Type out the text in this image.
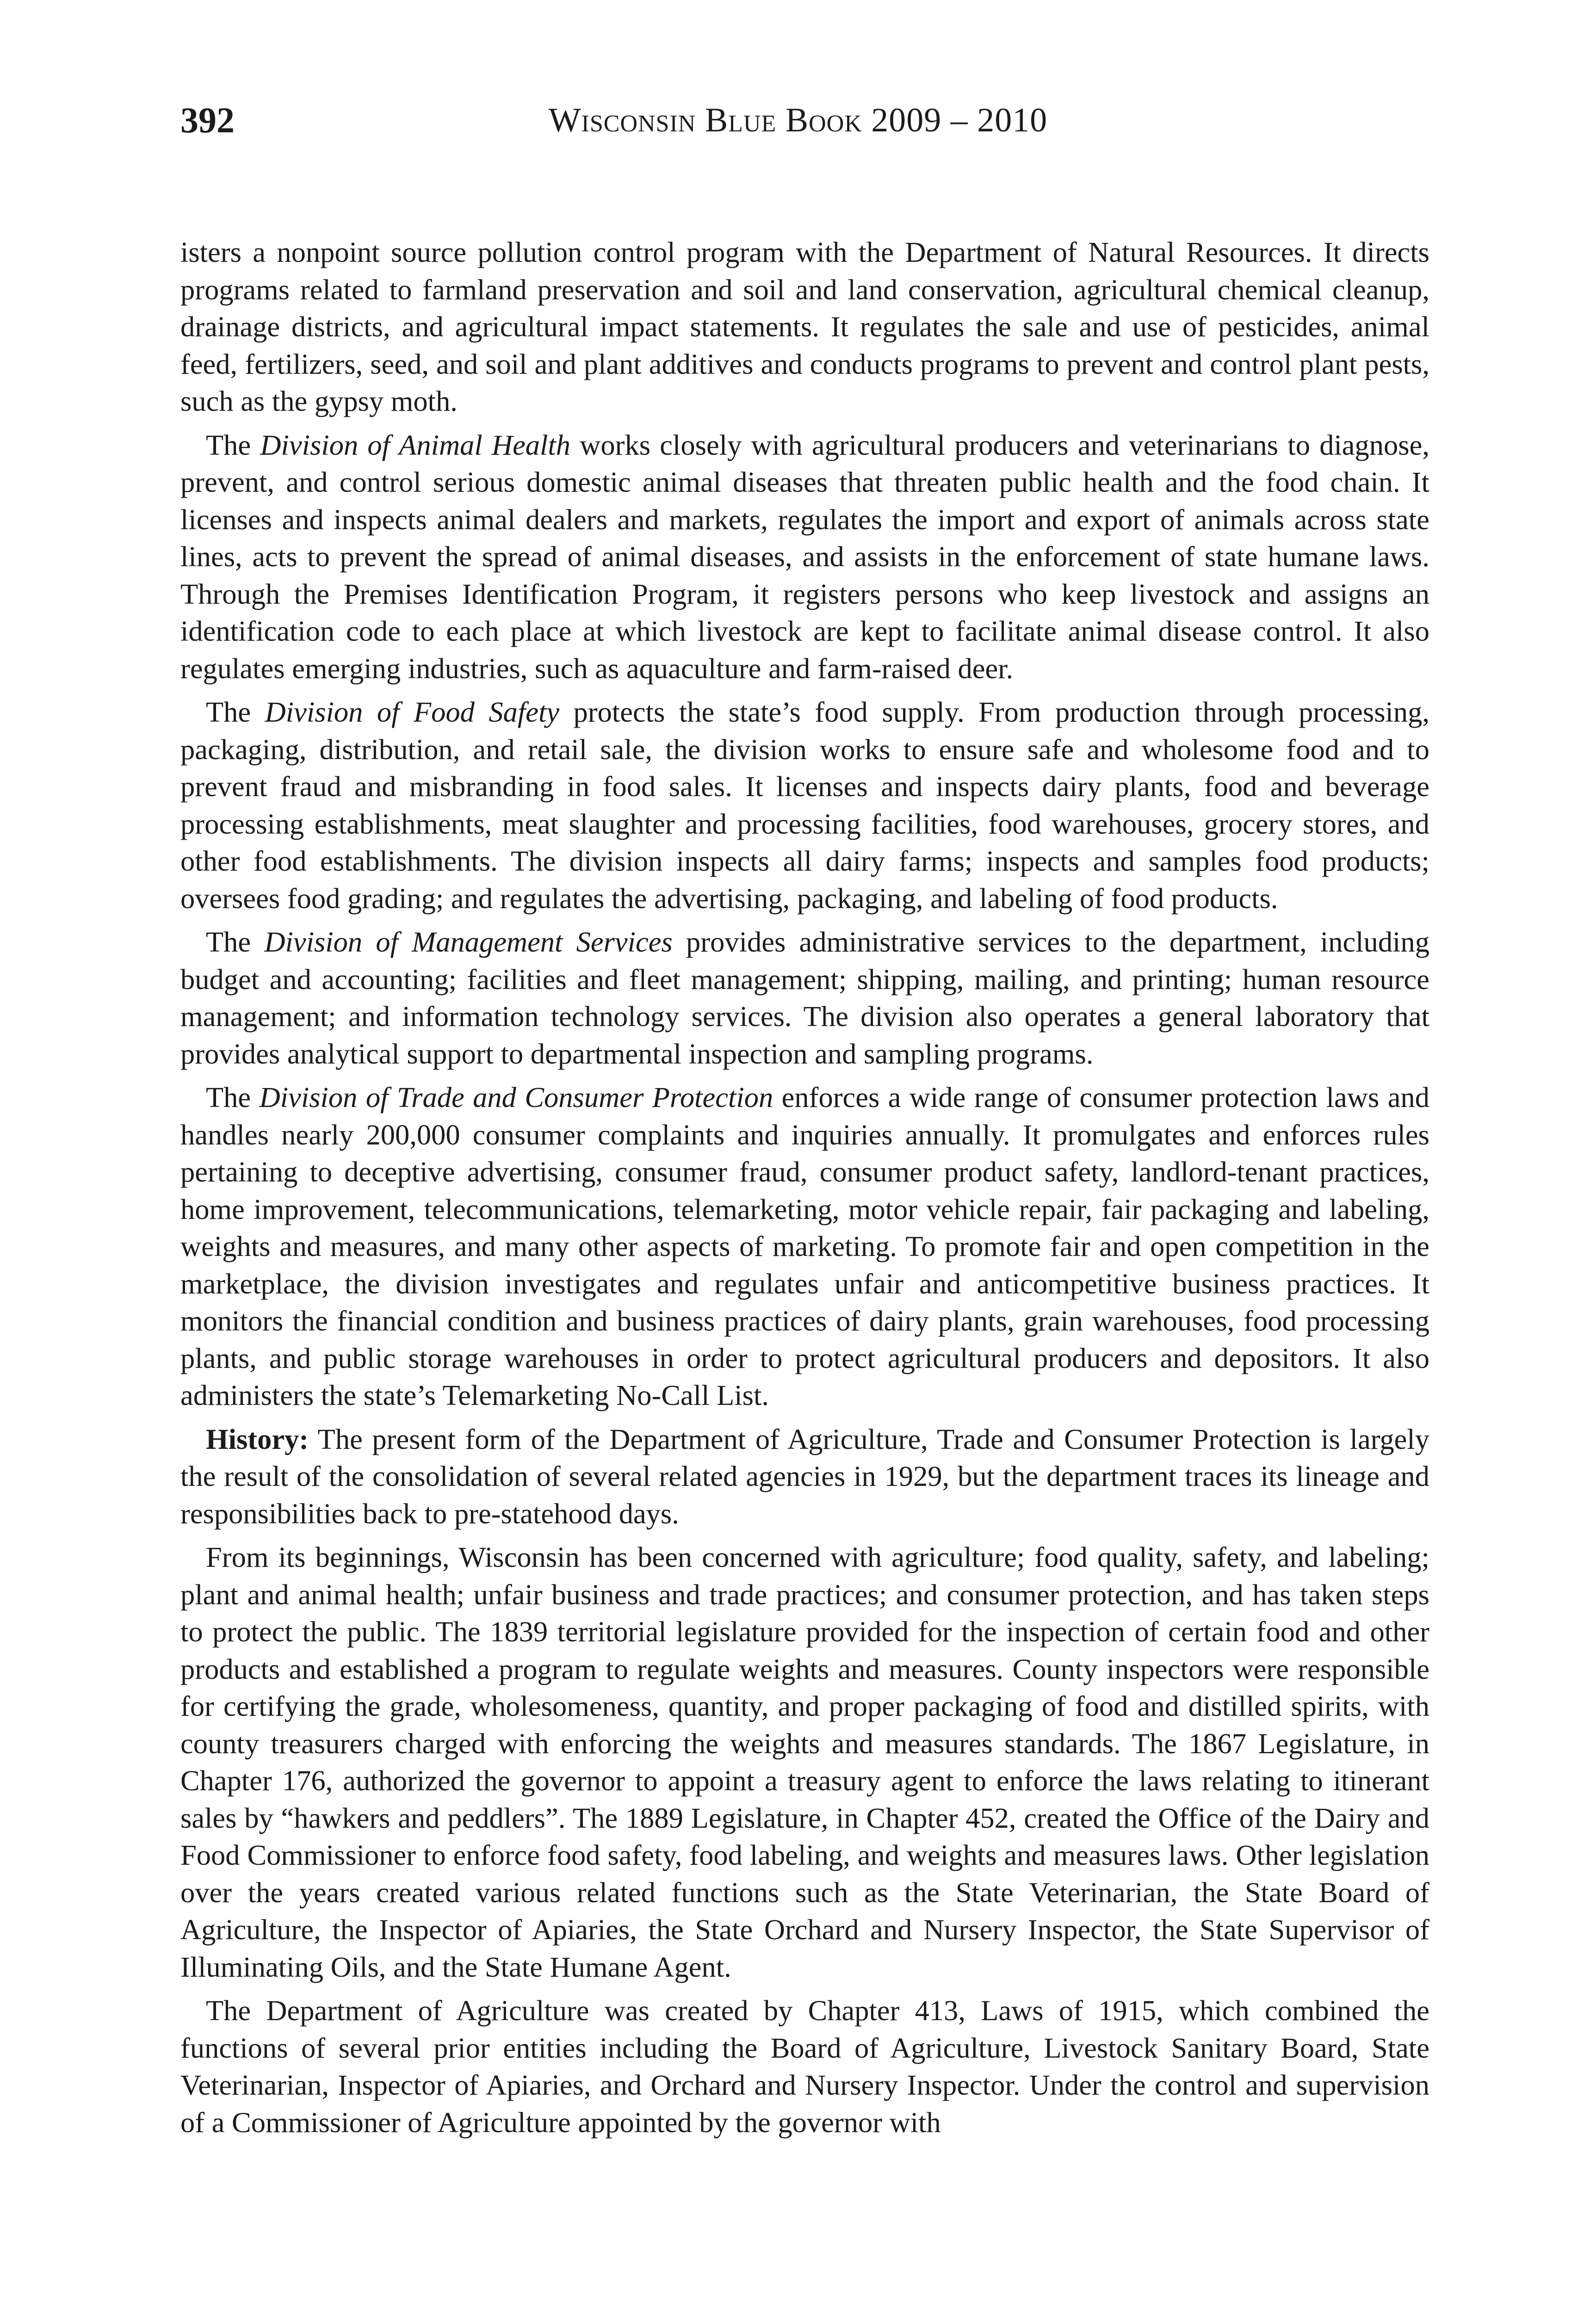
392	Wisconsin Blue Book 2009 – 2010

isters a nonpoint source pollution control program with the Department of Natural Resources. It directs programs related to farmland preservation and soil and land conservation, agricultural chemical cleanup, drainage districts, and agricultural impact statements. It regulates the sale and use of pesticides, animal feed, fertilizers, seed, and soil and plant additives and conducts programs to prevent and control plant pests, such as the gypsy moth.

The Division of Animal Health works closely with agricultural producers and veterinarians to diagnose, prevent, and control serious domestic animal diseases that threaten public health and the food chain. It licenses and inspects animal dealers and markets, regulates the import and export of animals across state lines, acts to prevent the spread of animal diseases, and assists in the enforcement of state humane laws. Through the Premises Identification Program, it registers persons who keep livestock and assigns an identification code to each place at which livestock are kept to facilitate animal disease control. It also regulates emerging industries, such as aquaculture and farm-raised deer.

The Division of Food Safety protects the state’s food supply. From production through processing, packaging, distribution, and retail sale, the division works to ensure safe and wholesome food and to prevent fraud and misbranding in food sales. It licenses and inspects dairy plants, food and beverage processing establishments, meat slaughter and processing facilities, food warehouses, grocery stores, and other food establishments. The division inspects all dairy farms; inspects and samples food products; oversees food grading; and regulates the advertising, packaging, and labeling of food products.

The Division of Management Services provides administrative services to the department, including budget and accounting; facilities and fleet management; shipping, mailing, and printing; human resource management; and information technology services. The division also operates a general laboratory that provides analytical support to departmental inspection and sampling programs.

The Division of Trade and Consumer Protection enforces a wide range of consumer protection laws and handles nearly 200,000 consumer complaints and inquiries annually. It promulgates and enforces rules pertaining to deceptive advertising, consumer fraud, consumer product safety, landlord-tenant practices, home improvement, telecommunications, telemarketing, motor vehicle repair, fair packaging and labeling, weights and measures, and many other aspects of marketing. To promote fair and open competition in the marketplace, the division investigates and regulates unfair and anticompetitive business practices. It monitors the financial condition and business practices of dairy plants, grain warehouses, food processing plants, and public storage warehouses in order to protect agricultural producers and depositors. It also administers the state’s Telemarketing No-Call List.

History: The present form of the Department of Agriculture, Trade and Consumer Protection is largely the result of the consolidation of several related agencies in 1929, but the department traces its lineage and responsibilities back to pre-statehood days.

From its beginnings, Wisconsin has been concerned with agriculture; food quality, safety, and labeling; plant and animal health; unfair business and trade practices; and consumer protection, and has taken steps to protect the public. The 1839 territorial legislature provided for the inspection of certain food and other products and established a program to regulate weights and measures. County inspectors were responsible for certifying the grade, wholesomeness, quantity, and proper packaging of food and distilled spirits, with county treasurers charged with enforcing the weights and measures standards. The 1867 Legislature, in Chapter 176, authorized the governor to appoint a treasury agent to enforce the laws relating to itinerant sales by “hawkers and peddlers”. The 1889 Legislature, in Chapter 452, created the Office of the Dairy and Food Commissioner to enforce food safety, food labeling, and weights and measures laws. Other legislation over the years created various related functions such as the State Veterinarian, the State Board of Agriculture, the Inspector of Apiaries, the State Orchard and Nursery Inspector, the State Supervisor of Illuminating Oils, and the State Humane Agent.

The Department of Agriculture was created by Chapter 413, Laws of 1915, which combined the functions of several prior entities including the Board of Agriculture, Livestock Sanitary Board, State Veterinarian, Inspector of Apiaries, and Orchard and Nursery Inspector. Under the control and supervision of a Commissioner of Agriculture appointed by the governor with
